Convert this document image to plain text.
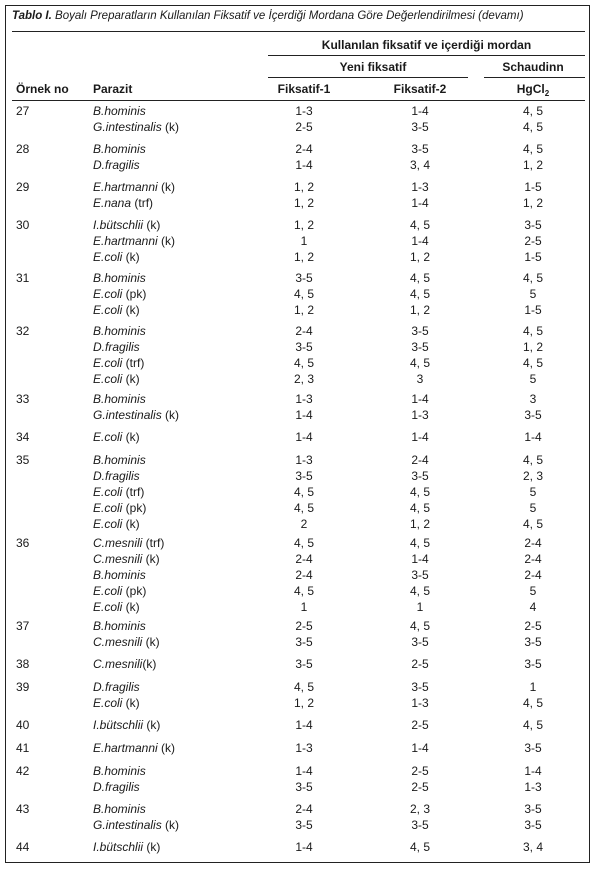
Tablo I. Boyalı Preparatların Kullanılan Fiksatif ve İçerdiği Mordana Göre Değerlendirilmesi (devamı)
Kullanılan fiksatif ve içerdiği mordan
Yeni fiksatif	Schaudinn
Örnek no Parazit	Fiksatif-1	Fiksatif-2	HgCl$_2$
27	B.hominis	1-3	1-4	4, 5
G.intestinalis (k)	2-5	3-5	4, 5
28	B.hominis	2-4	3-5	4, 5
D.fragilis	1-4	3, 4	1, 2
29	E.hartmanni (k)	1, 2	1-3	1-5
E.nana (trf)	1, 2	1-4	1, 2
30	I.bütschlii (k)	1, 2	4, 5	3-5
E.hartmanni (k)	1	1-4	2-5
E.coli (k)	1, 2	1, 2	1-5
31	B.hominis	3-5	4, 5	4, 5
E.coli (pk)	4, 5	4, 5	5
E.coli (k)	1, 2	1, 2	1-5
32	B.hominis	2-4	3-5	4, 5
D.fragilis	3-5	3-5	1, 2
E.coli (trf)	4, 5	4, 5	4, 5
E.coli (k)	2, 3	3	5
33	B.hominis	1-3	1-4	3
G.intestinalis (k)	1-4	1-3	3-5
34	E.coli (k)	1-4	1-4	1-4
35	B.hominis	1-3	2-4	4, 5
D.fragilis	3-5	3-5	2, 3
E.coli (trf)	4, 5	4, 5	5
E.coli (pk)	4, 5	4, 5	5
E.coli (k)	2	1, 2	4, 5
36	C.mesnili (trf)	4, 5	4, 5	2-4
C.mesnili (k)	2-4	1-4	2-4
B.hominis	2-4	3-5	2-4
E.coli (pk)	4, 5	4, 5	5
E.coli (k)	1	1	4
37	B.hominis	2-5	4, 5	2-5
C.mesnili (k)	3-5	3-5	3-5
38	C.mesnili(k)	3-5	2-5	3-5
39	D.fragilis	4, 5	3-5	1
E.coli (k)	1, 2	1-3	4, 5
40	I.bütschlii (k)	1-4	2-5	4, 5
41	E.hartmanni (k)	1-3	1-4	3-5
42	B.hominis	1-4	2-5	1-4
D.fragilis	3-5	2-5	1-3
43	B.hominis	2-4	2, 3	3-5
G.intestinalis (k)	3-5	3-5	3-5
44	I.bütschlii (k)	1-4	4, 5	3, 4
